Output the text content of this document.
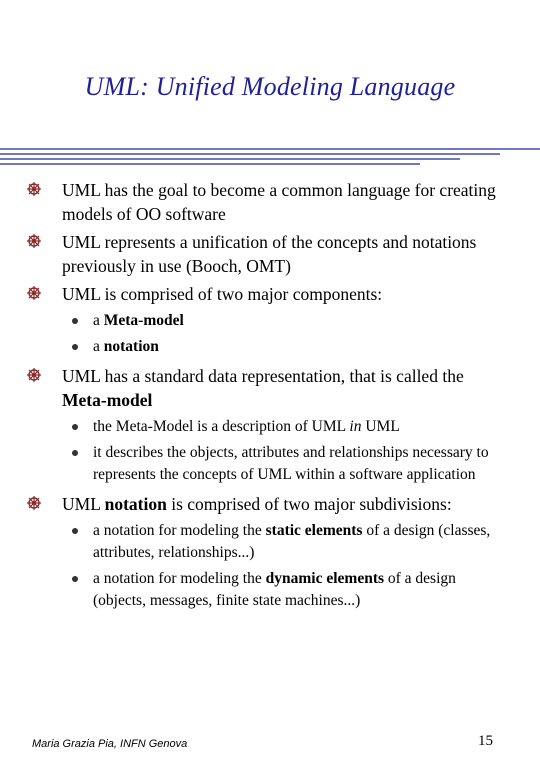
UML: Unified Modeling Language
UML has the goal to become a common language for creating models of OO software
UML represents a unification of the concepts and notations previously in use (Booch, OMT)
UML is comprised of two major components:
a Meta-model
a notation
UML has a standard data representation, that is called the Meta-model
the Meta-Model is a description of UML in UML
it describes the objects, attributes and relationships necessary to represents the concepts of UML within a software application
UML notation is comprised of two major subdivisions:
a notation for modeling the static elements of a design (classes, attributes, relationships...)
a notation for modeling the dynamic elements of a design (objects, messages, finite state machines...)
Maria Grazia Pia, INFN Genova	15
